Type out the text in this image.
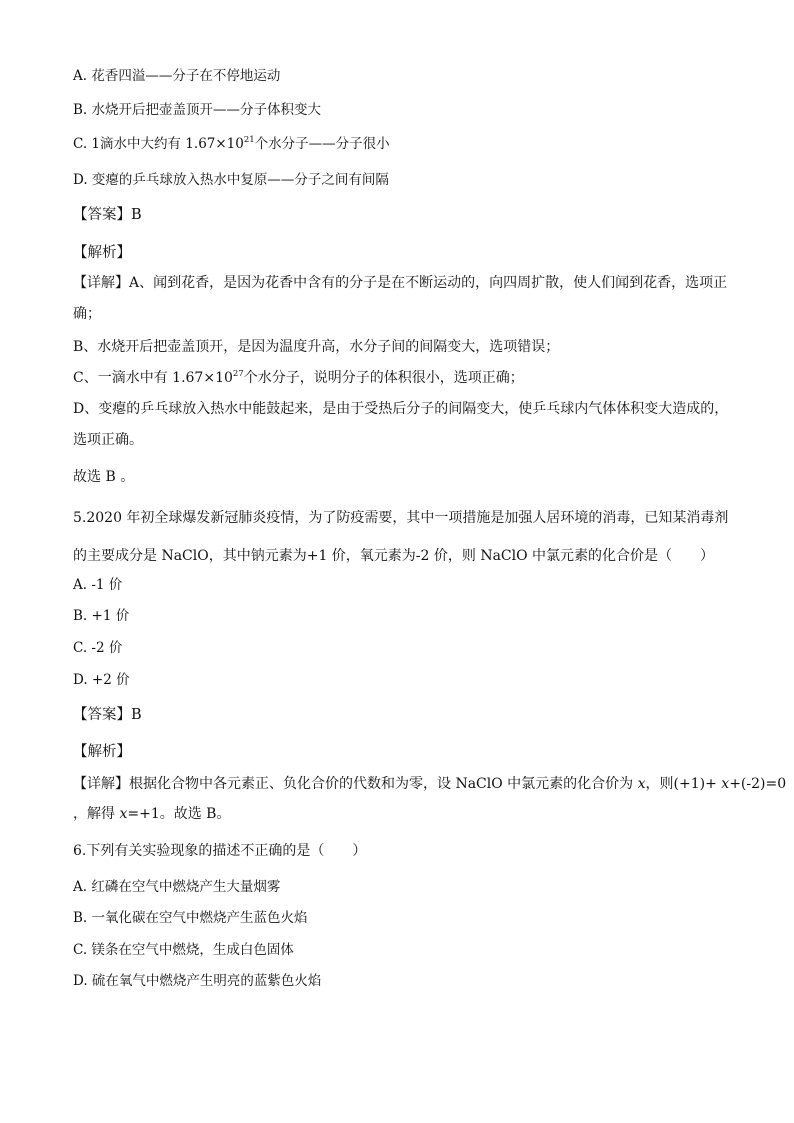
A. 花香四溢——分子在不停地运动
B. 水烧开后把壶盖顶开——分子体积变大
C. 1滴水中大约有 $1.67\times 10^{21}$个水分子——分子很小
D. 变瘪的乒乓球放入热水中复原——分子之间有间隔
【答案】B
【解析】
【详解】A、闻到花香，是因为花香中含有的分子是在不断运动的，向四周扩散，使人们闻到花香，选项正
确；
B、水烧开后把壶盖顶开，是因为温度升高，水分子间的间隔变大，选项错误；
C、一滴水中有 $1.67\times 10^{27}$个水分子，说明分子的体积很小，选项正确；
D、变瘪的乒乓球放入热水中能鼓起来，是由于受热后分子的间隔变大，使乒乓球内气体体积变大造成的，
选项正确。
故选 B 。
5.2020 年初全球爆发新冠肺炎疫情，为了防疫需要，其中一项措施是加强人居环境的消毒，已知某消毒剂
的主要成分是 NaClO，其中钠元素为+1 价，氧元素为-2 价，则 NaClO 中氯元素的化合价是（　　）
A. -1 价
B. +1 价
C. -2 价
D. +2 价
【答案】B
【解析】
【详解】根据化合物中各元素正、负化合价的代数和为零，设 NaClO 中氯元素的化合价为 x，则(+1)+ x+(-2)=0
，解得 x=+1。故选 B。
6.下列有关实验现象的描述不正确的是（　　）
A. 红磷在空气中燃烧产生大量烟雾
B. 一氧化碳在空气中燃烧产生蓝色火焰
C. 镁条在空气中燃烧，生成白色固体
D. 硫在氧气中燃烧产生明亮的蓝紫色火焰
